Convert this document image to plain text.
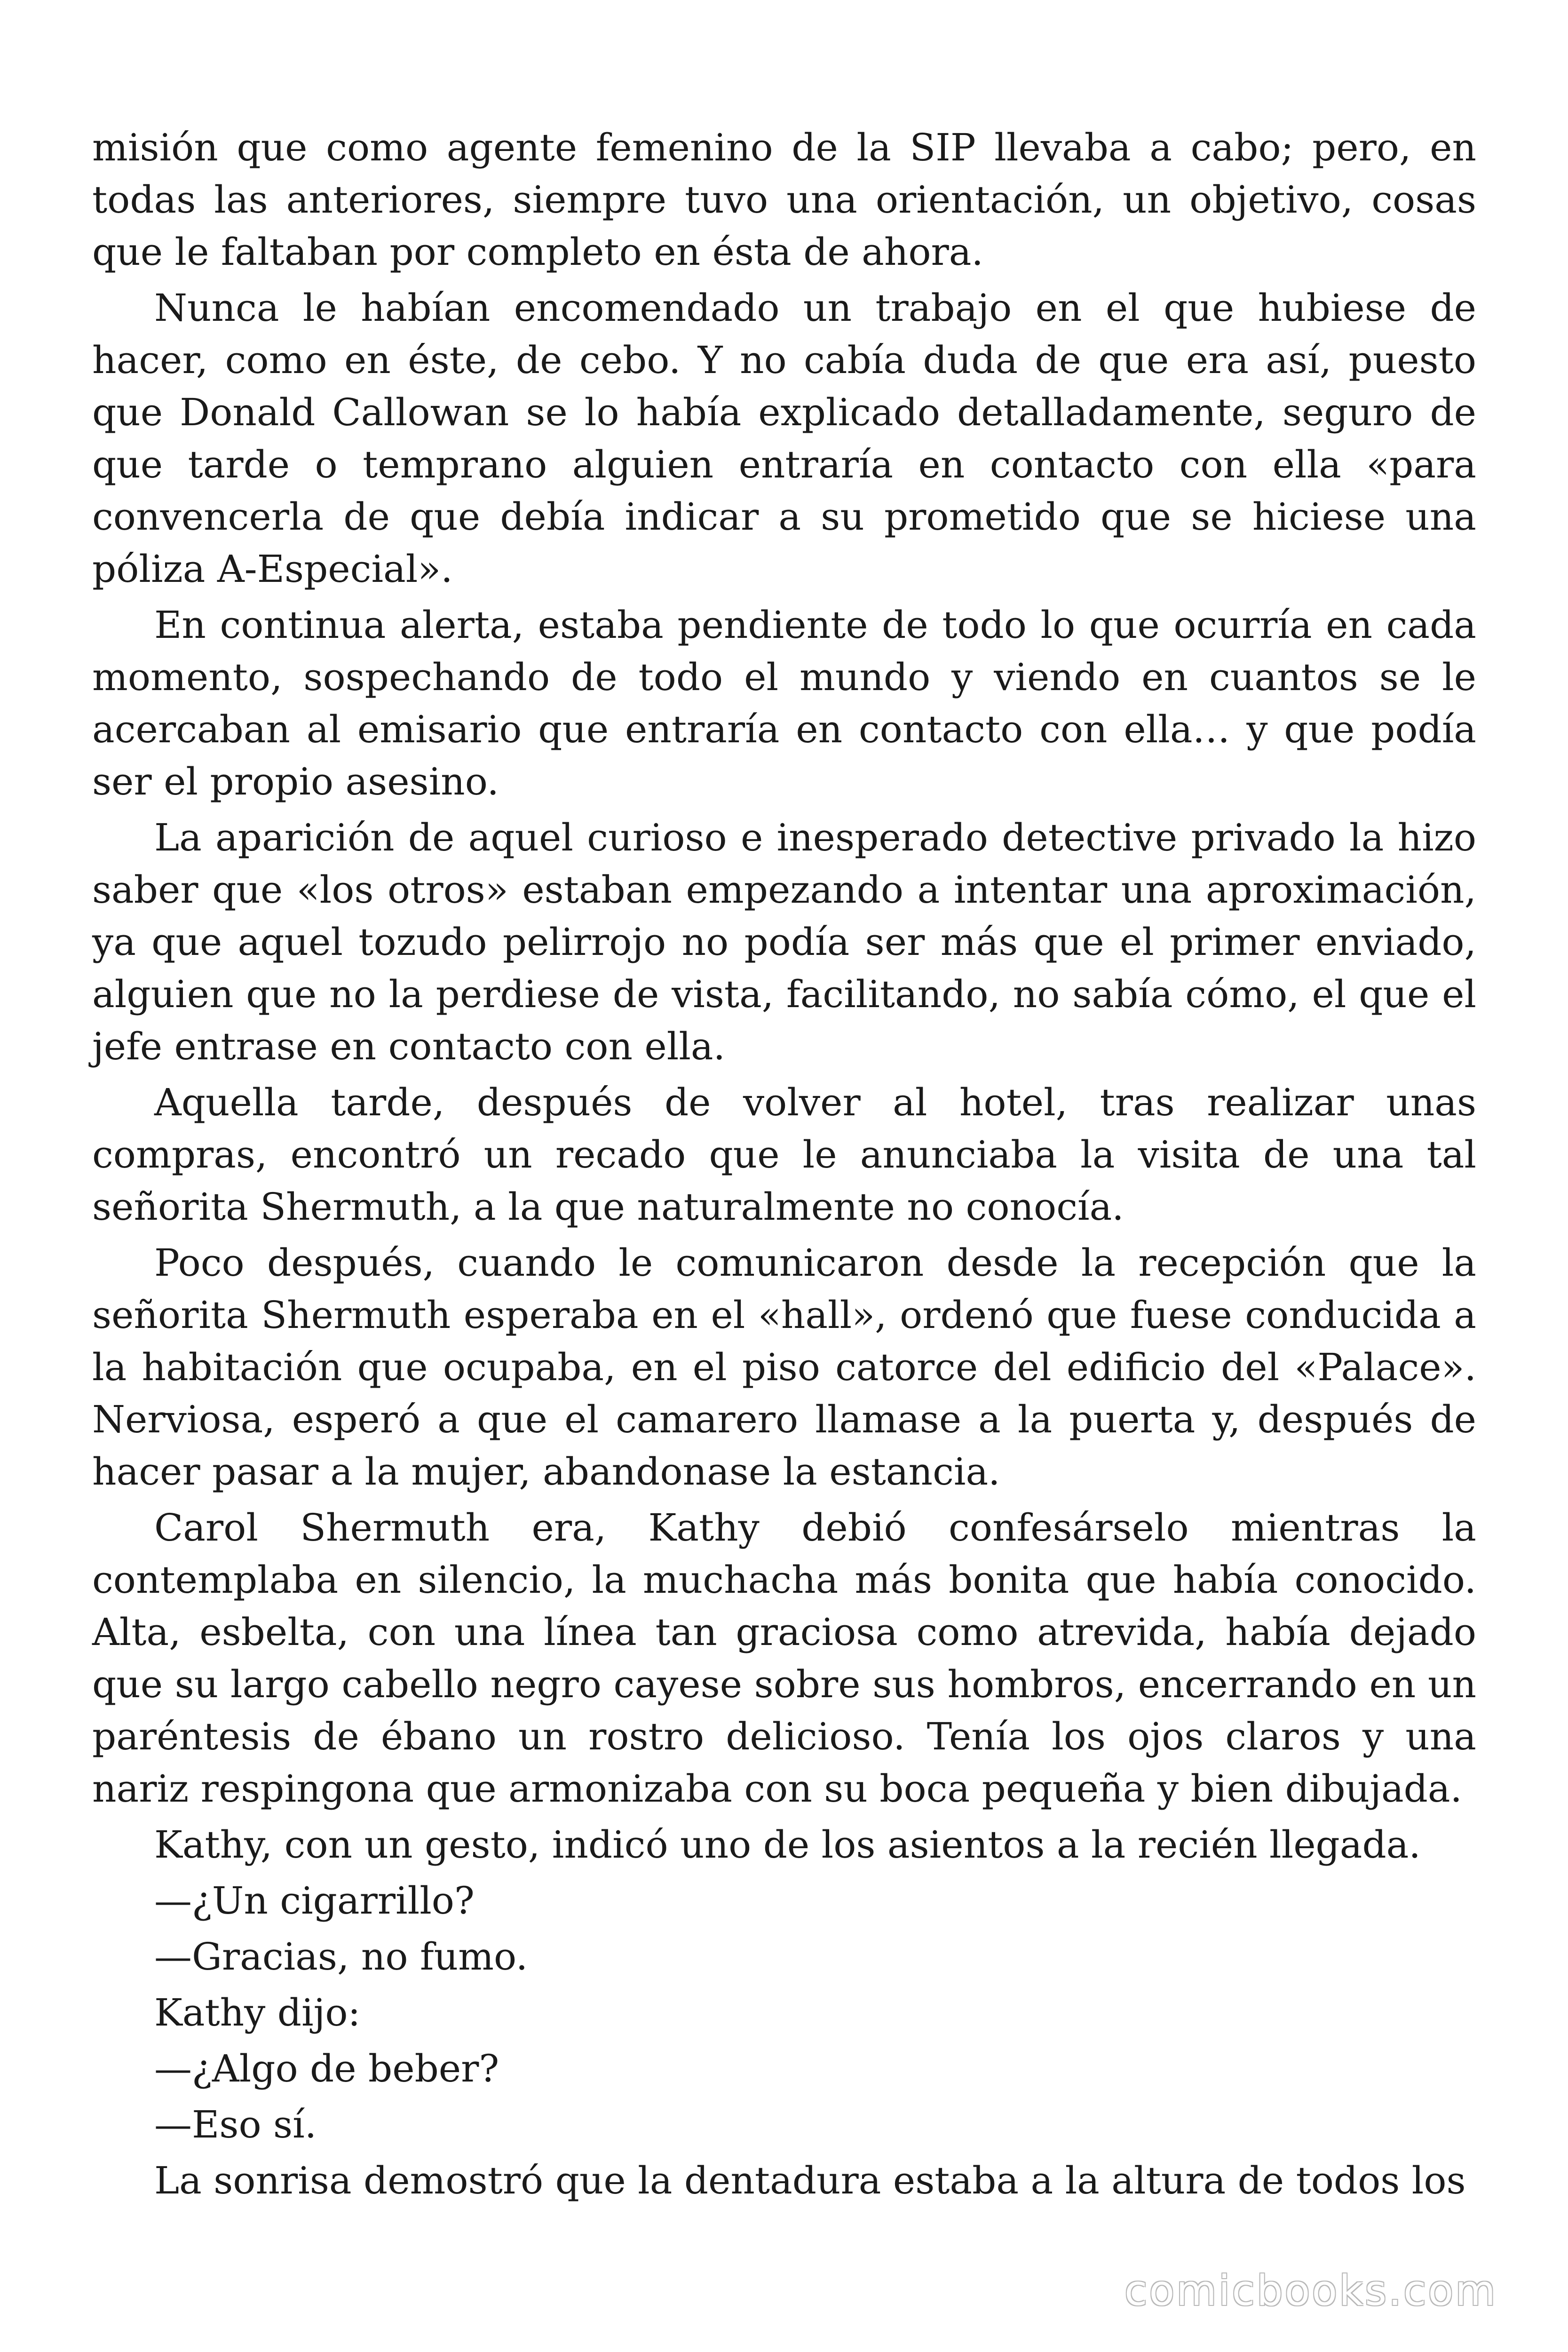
misión que como agente femenino de la SIP llevaba a cabo; pero, en todas las anteriores, siempre tuvo una orientación, un objetivo, cosas que le faltaban por completo en ésta de ahora.

Nunca le habían encomendado un trabajo en el que hubiese de hacer, como en éste, de cebo. Y no cabía duda de que era así, puesto que Donald Callowan se lo había explicado detalladamente, seguro de que tarde o temprano alguien entraría en contacto con ella «para convencerla de que debía indicar a su prometido que se hiciese una póliza A-Especial».

En continua alerta, estaba pendiente de todo lo que ocurría en cada momento, sospechando de todo el mundo y viendo en cuantos se le acercaban al emisario que entraría en contacto con ella… y que podía ser el propio asesino.

La aparición de aquel curioso e inesperado detective privado la hizo saber que «los otros» estaban empezando a intentar una aproximación, ya que aquel tozudo pelirrojo no podía ser más que el primer enviado, alguien que no la perdiese de vista, facilitando, no sabía cómo, el que el jefe entrase en contacto con ella.

Aquella tarde, después de volver al hotel, tras realizar unas compras, encontró un recado que le anunciaba la visita de una tal señorita Shermuth, a la que naturalmente no conocía.

Poco después, cuando le comunicaron desde la recepción que la señorita Shermuth esperaba en el «hall», ordenó que fuese conducida a la habitación que ocupaba, en el piso catorce del edificio del «Palace». Nerviosa, esperó a que el camarero llamase a la puerta y, después de hacer pasar a la mujer, abandonase la estancia.

Carol Shermuth era, Kathy debió confesárselo mientras la contemplaba en silencio, la muchacha más bonita que había conocido. Alta, esbelta, con una línea tan graciosa como atrevida, había dejado que su largo cabello negro cayese sobre sus hombros, encerrando en un paréntesis de ébano un rostro delicioso. Tenía los ojos claros y una nariz respingona que armonizaba con su boca pequeña y bien dibujada.

Kathy, con un gesto, indicó uno de los asientos a la recién llegada.

—¿Un cigarrillo?

—Gracias, no fumo.

Kathy dijo:

—¿Algo de beber?

—Eso sí.

La sonrisa demostró que la dentadura estaba a la altura de todos los

comicbooks.com
